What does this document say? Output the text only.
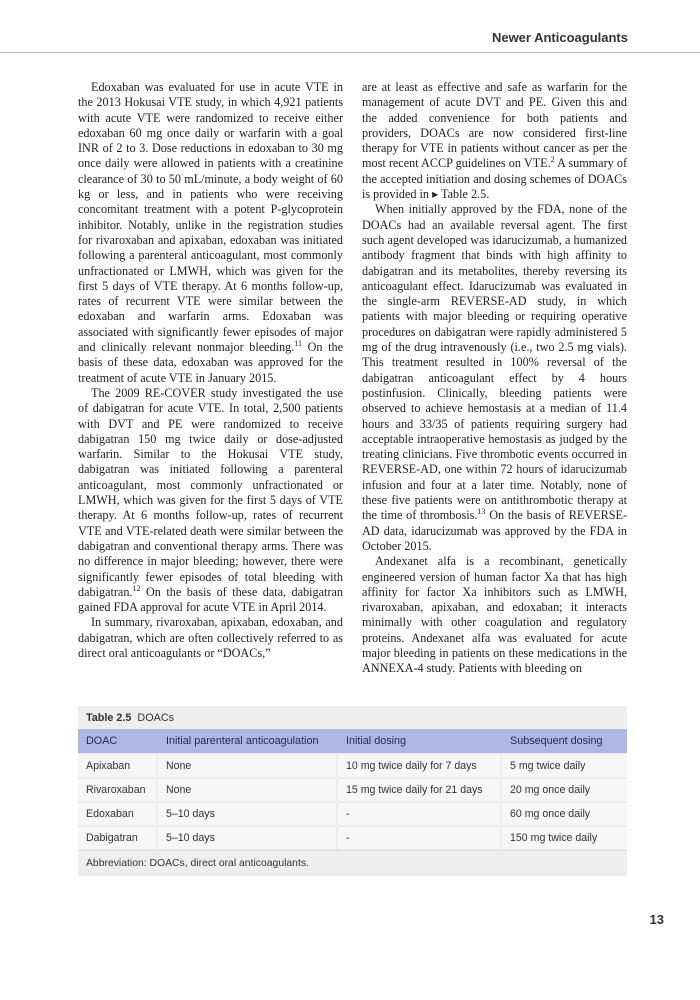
Newer Anticoagulants

Edoxaban was evaluated for use in acute VTE in the 2013 Hokusai VTE study, in which 4,921 patients with acute VTE were randomized to receive either edoxaban 60 mg once daily or warfarin with a goal INR of 2 to 3. Dose reductions in edoxaban to 30 mg once daily were allowed in patients with a creatinine clearance of 30 to 50 mL/minute, a body weight of 60 kg or less, and in patients who were receiving concomitant treatment with a potent P-glycoprotein inhibitor. Notably, unlike in the registration studies for rivaroxaban and apixaban, edoxaban was initiated following a parenteral anticoagulant, most commonly unfractionated or LMWH, which was given for the first 5 days of VTE therapy. At 6 months follow-up, rates of recurrent VTE were similar between the edoxaban and warfarin arms. Edoxaban was associated with significantly fewer episodes of major and clinically relevant nonmajor bleeding.$^{11}$ On the basis of these data, edoxaban was approved for the treatment of acute VTE in January 2015.

The 2009 RE-COVER study investigated the use of dabigatran for acute VTE. In total, 2,500 patients with DVT and PE were randomized to receive dabigatran 150 mg twice daily or dose-adjusted warfarin. Similar to the Hokusai VTE study, dabigatran was initiated following a parenteral anticoagulant, most commonly unfractionated or LMWH, which was given for the first 5 days of VTE therapy. At 6 months follow-up, rates of recurrent VTE and VTE-related death were similar between the dabigatran and conventional therapy arms. There was no difference in major bleeding; however, there were significantly fewer episodes of total bleeding with dabigatran.$^{12}$ On the basis of these data, dabigatran gained FDA approval for acute VTE in April 2014.

In summary, rivaroxaban, apixaban, edoxaban, and dabigatran, which are often collectively referred to as direct oral anticoagulants or “DOACs,”

are at least as effective and safe as warfarin for the management of acute DVT and PE. Given this and the added convenience for both patients and providers, DOACs are now considered first-line therapy for VTE in patients without cancer as per the most recent ACCP guidelines on VTE.$^2$ A summary of the accepted initiation and dosing schemes of DOACs is provided in ▸ Table 2.5.

When initially approved by the FDA, none of the DOACs had an available reversal agent. The first such agent developed was idarucizumab, a humanized antibody fragment that binds with high affinity to dabigatran and its metabolites, thereby reversing its anticoagulant effect. Idarucizumab was evaluated in the single-arm REVERSE-AD study, in which patients with major bleeding or requiring operative procedures on dabigatran were rapidly administered 5 mg of the drug intravenously (i.e., two 2.5 mg vials). This treatment resulted in 100% reversal of the dabigatran anticoagulant effect by 4 hours postinfusion. Clinically, bleeding patients were observed to achieve hemostasis at a median of 11.4 hours and 33/35 of patients requiring surgery had acceptable intraoperative hemostasis as judged by the treating clinicians. Five thrombotic events occurred in REVERSE-AD, one within 72 hours of idarucizumab infusion and four at a later time. Notably, none of these five patients were on antithrombotic therapy at the time of thrombosis.$^{13}$ On the basis of REVERSE-AD data, idarucizumab was approved by the FDA in October 2015.

Andexanet alfa is a recombinant, genetically engineered version of human factor Xa that has high affinity for factor Xa inhibitors such as LMWH, rivaroxaban, apixaban, and edoxaban; it interacts minimally with other coagulation and regulatory proteins. Andexanet alfa was evaluated for acute major bleeding in patients on these medications in the ANNEXA-4 study. Patients with bleeding on

Table 2.5 DOACs
DOAC	Initial parenteral anticoagulation	Initial dosing	Subsequent dosing
Apixaban	None	10 mg twice daily for 7 days	5 mg twice daily
Rivaroxaban	None	15 mg twice daily for 21 days	20 mg once daily
Edoxaban	5–10 days	-	60 mg once daily
Dabigatran	5–10 days	-	150 mg twice daily
Abbreviation: DOACs, direct oral anticoagulants.
13
